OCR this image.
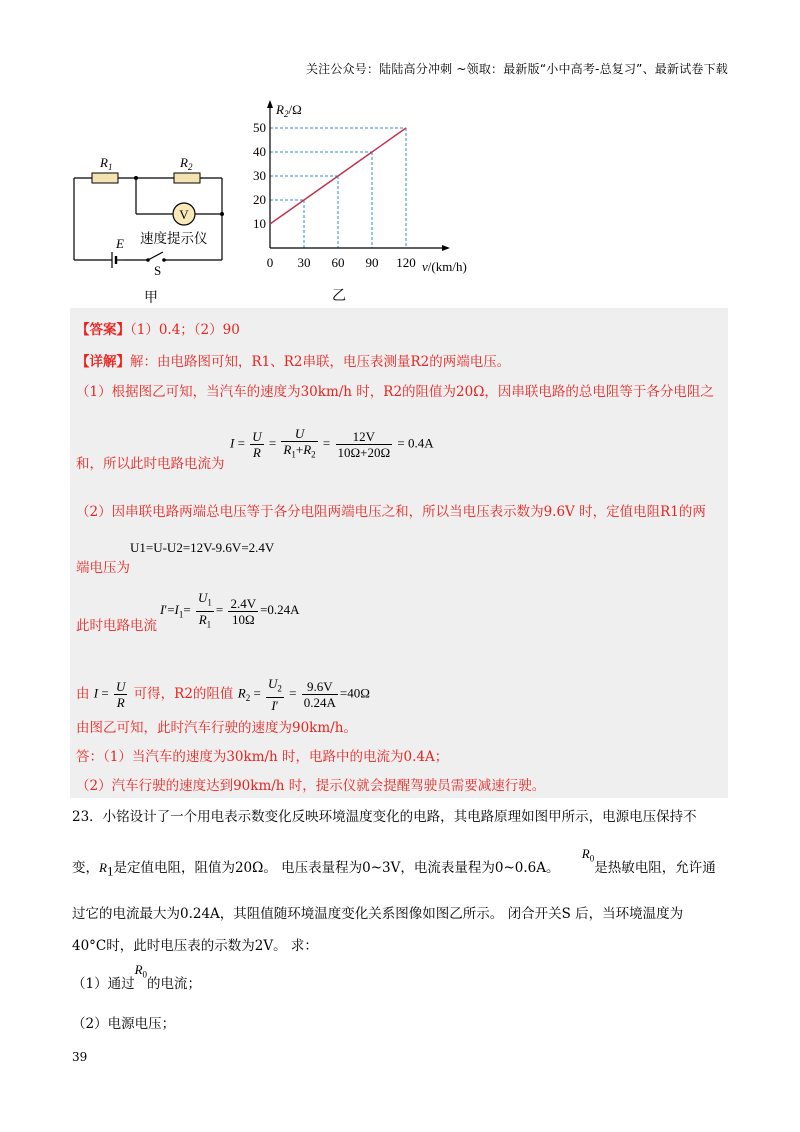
关注公众号：陆陆高分冲刺 ~领取：最新版“小中高考-总复习”、最新试卷下载
V
$R_1$	$R_2$
E
S
速度提示仪
甲
0 30 60 90 120
10
20
30
40
50
$R_2/\Omega$
v/(km/h)
乙
【答案】（1）0.4；（2）90
【详解】解：由电路图可知，R1、R2串联，电压表测量R2的两端电压。
（1）根据图乙可知，当汽车的速度为30km/h 时，R2的阻值为20Ω，因串联电路的总电阻等于各分电阻之
和，所以此时电路电流为
$I = \frac{U}{R} = \frac{U}{R_1+R_2} = \frac{12V}{10\Omega+20\Omega} = 0.4A$
（2）因串联电路两端总电压等于各分电阻两端电压之和，所以当电压表示数为9.6V 时，定值电阻R1的两
端电压为
U1=U-U2=12V-9.6V=2.4V
此时电路电流
$I'=I_1= \frac{U_1}{R_1} = \frac{2.4V}{10\Omega} =0.24A$
由 $I = \frac{U}{R}$ 可得，R2的阻值 $R_2 = \frac{U_2}{I'} = \frac{9.6V}{0.24A} =40\Omega$
由图乙可知，此时汽车行驶的速度为90km/h。
答：（1）当汽车的速度为30km/h 时，电路中的电流为0.4A；
（2）汽车行驶的速度达到90km/h 时，提示仪就会提醒驾驶员需要减速行驶。
23．小铭设计了一个用电表示数变化反映环境温度变化的电路，其电路原理如图甲所示，电源电压保持不
变，$R_1$是定值电阻，阻值为20Ω。 电压表量程为0~3V，电流表量程为0~0.6A。 $R_0$是热敏电阻，允许通
过它的电流最大为0.24A，其阻值随环境温度变化关系图像如图乙所示。 闭合开关S 后，当环境温度为
40°C时，此时电压表的示数为2V。 求：
（1）通过$R_0$的电流；
（2）电源电压；
39
